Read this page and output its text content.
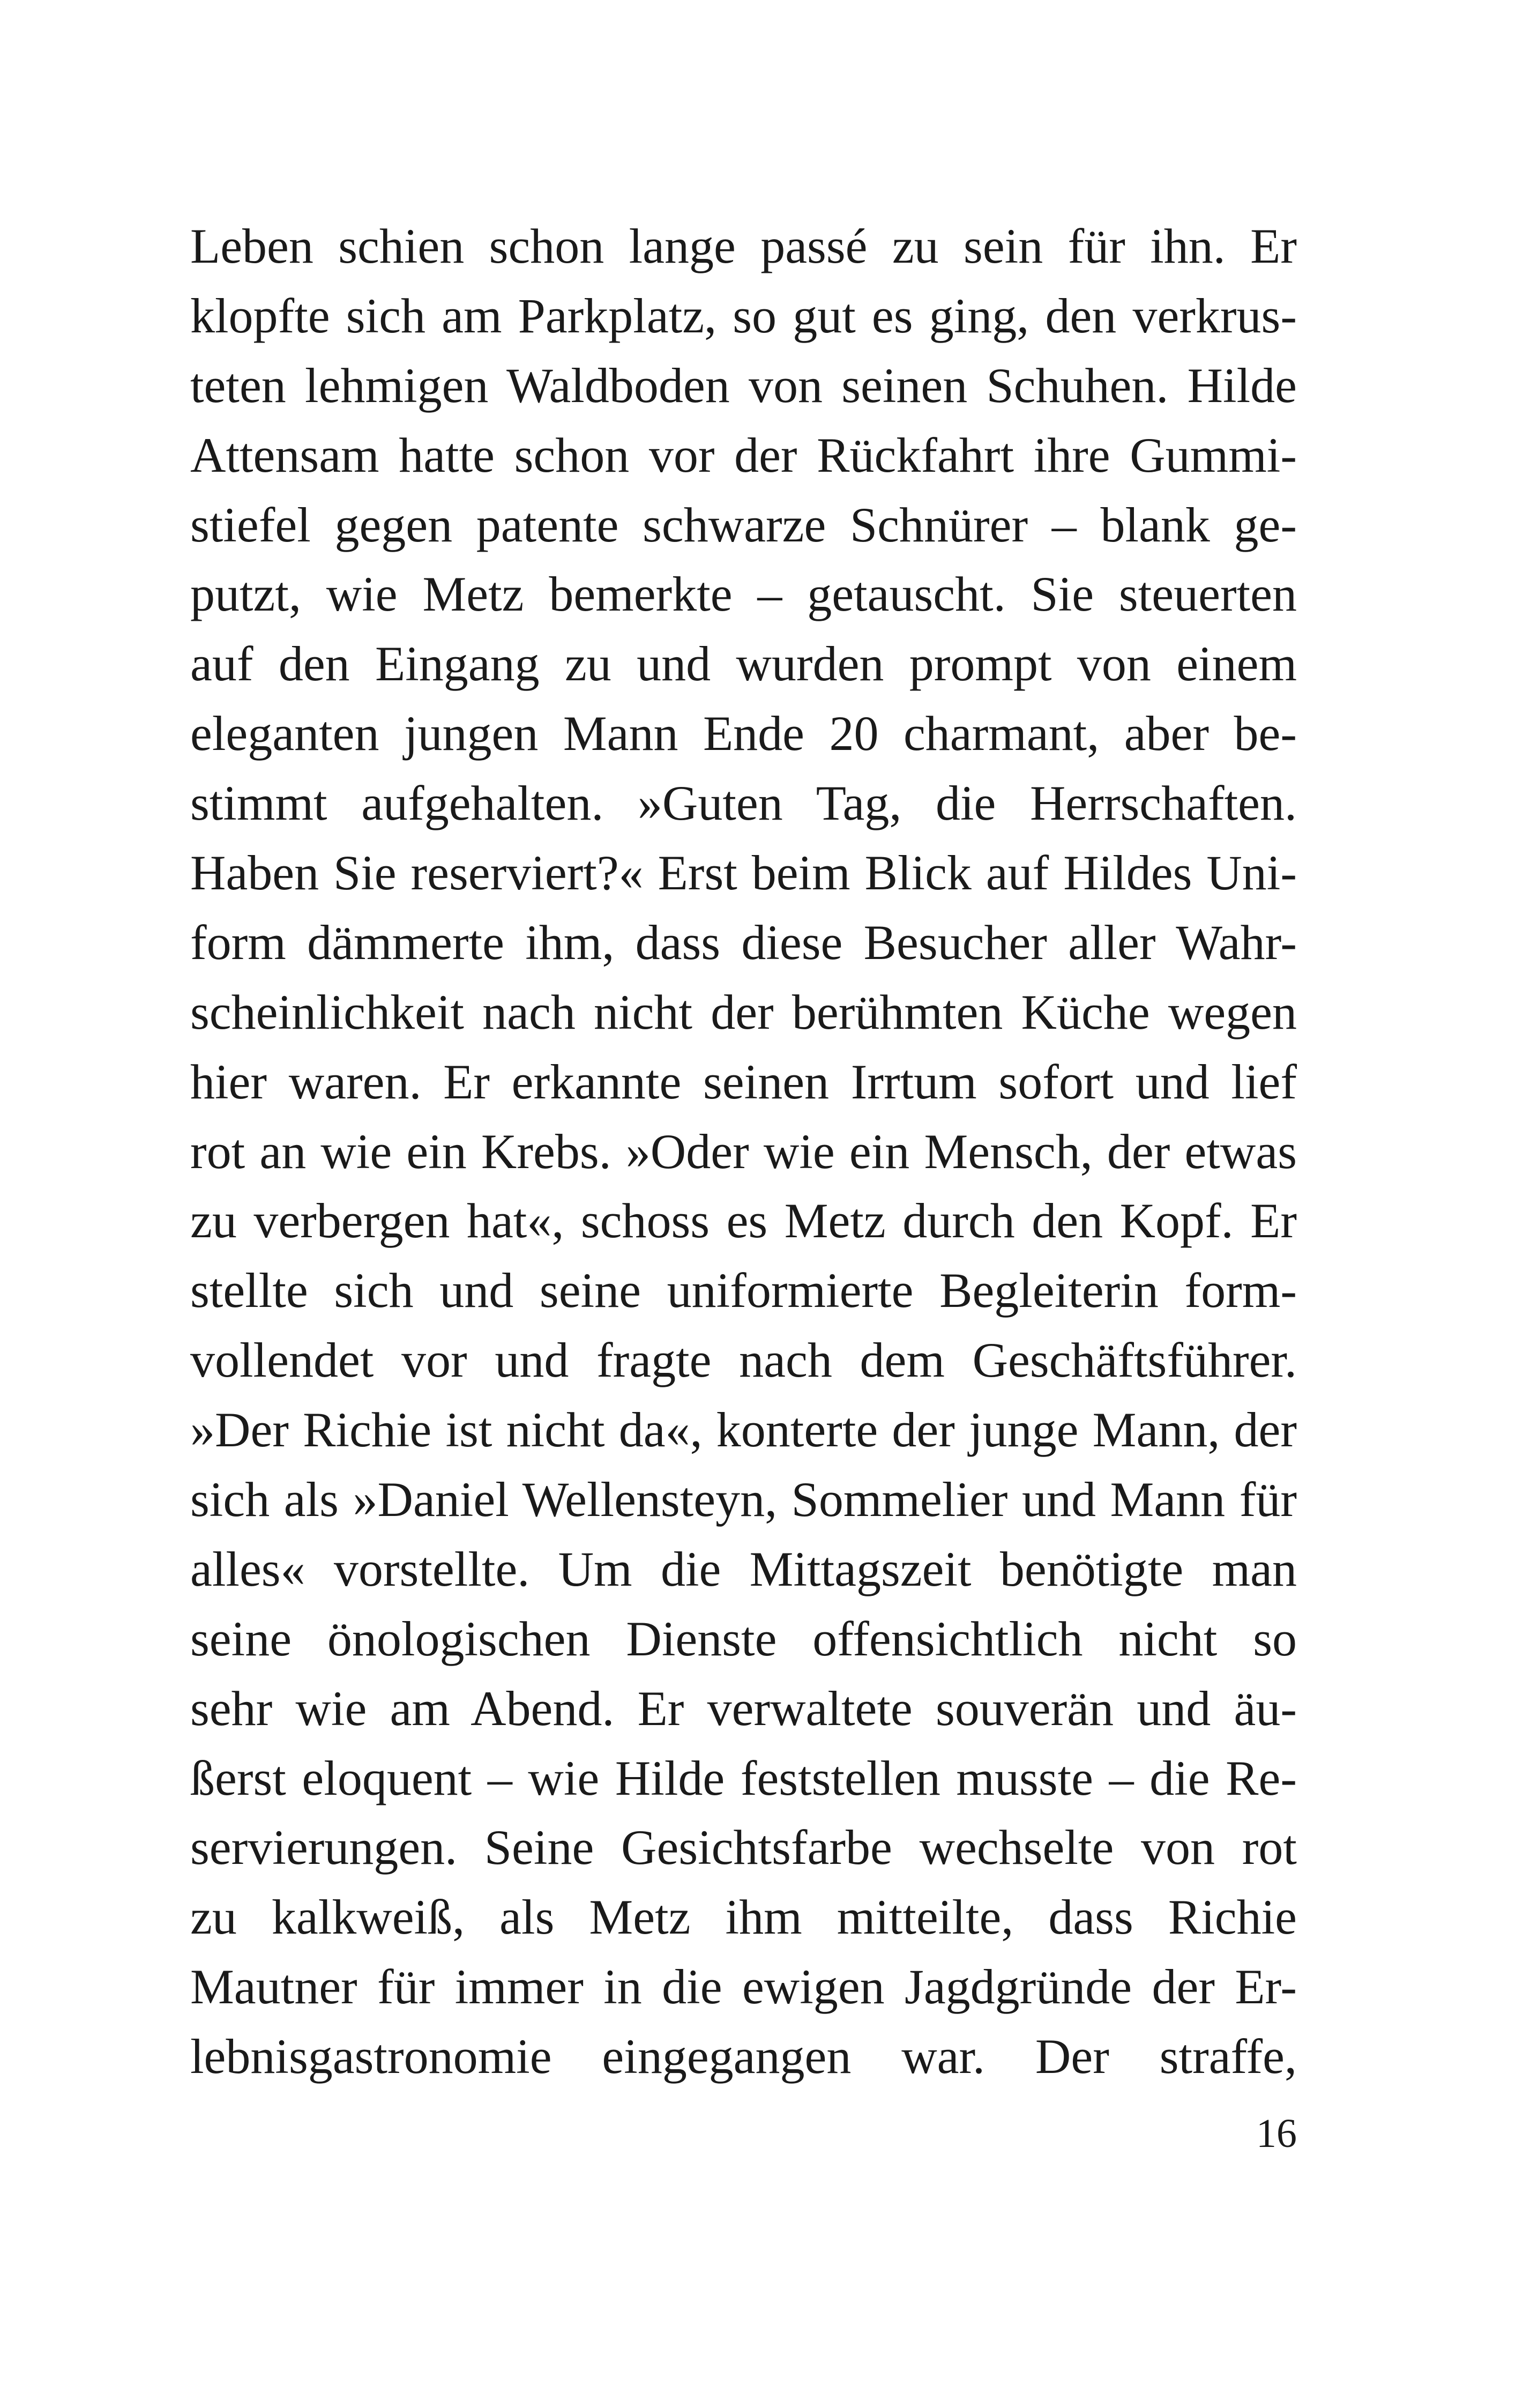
Leben schien schon lange passé zu sein für ihn. Er
klopfte sich am Parkplatz, so gut es ging, den verkrus-
teten lehmigen Waldboden von seinen Schuhen. Hilde
Attensam hatte schon vor der Rückfahrt ihre Gummi-
stiefel gegen patente schwarze Schnürer – blank ge-
putzt, wie Metz bemerkte – getauscht. Sie steuerten
auf den Eingang zu und wurden prompt von einem
eleganten jungen Mann Ende 20 charmant, aber be-
stimmt aufgehalten. »Guten Tag, die Herrschaften.
Haben Sie reserviert?« Erst beim Blick auf Hildes Uni-
form dämmerte ihm, dass diese Besucher aller Wahr-
scheinlichkeit nach nicht der berühmten Küche wegen
hier waren. Er erkannte seinen Irrtum sofort und lief
rot an wie ein Krebs. »Oder wie ein Mensch, der etwas
zu verbergen hat«, schoss es Metz durch den Kopf. Er
stellte sich und seine uniformierte Begleiterin form-
vollendet vor und fragte nach dem Geschäftsführer.
»Der Richie ist nicht da«, konterte der junge Mann, der
sich als »Daniel Wellensteyn, Sommelier und Mann für
alles« vorstellte. Um die Mittagszeit benötigte man
seine önologischen Dienste offensichtlich nicht so
sehr wie am Abend. Er verwaltete souverän und äu-
ßerst eloquent – wie Hilde feststellen musste – die Re-
servierungen. Seine Gesichtsfarbe wechselte von rot
zu kalkweiß, als Metz ihm mitteilte, dass Richie
Mautner für immer in die ewigen Jagdgründe der Er-
lebnisgastronomie eingegangen war. Der straffe,
16
